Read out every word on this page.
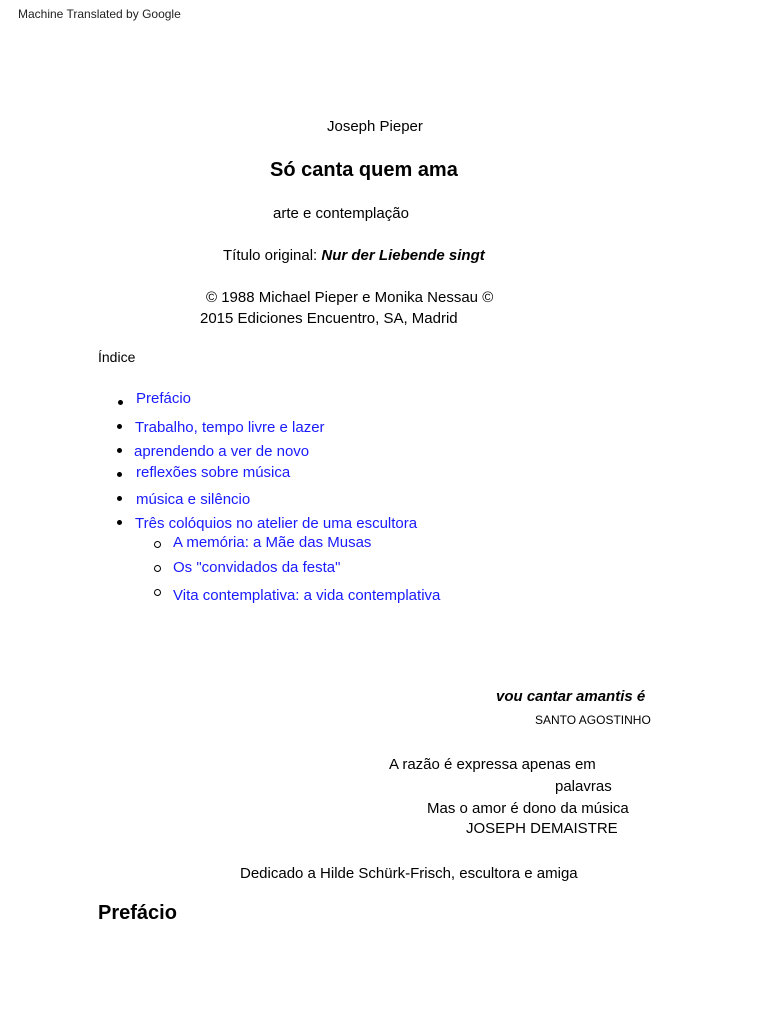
Machine Translated by Google
Joseph Pieper
Só canta quem ama
arte e contemplação
Título original: Nur der Liebende singt
© 1988 Michael Pieper e Monika Nessau ©
2015 Ediciones Encuentro, SA, Madrid
Índice
Prefácio
Trabalho, tempo livre e lazer
aprendendo a ver de novo
reflexões sobre música
música e silêncio
Três colóquios no atelier de uma escultora
A memória: a Mãe das Musas
Os "convidados da festa"
Vita contemplativa: a vida contemplativa
vou cantar amantis é
SANTO AGOSTINHO
A razão é expressa apenas em
palavras
Mas o amor é dono da música
JOSEPH DEMAISTRE
Dedicado a Hilde Schürk-Frisch, escultora e amiga
Prefácio
